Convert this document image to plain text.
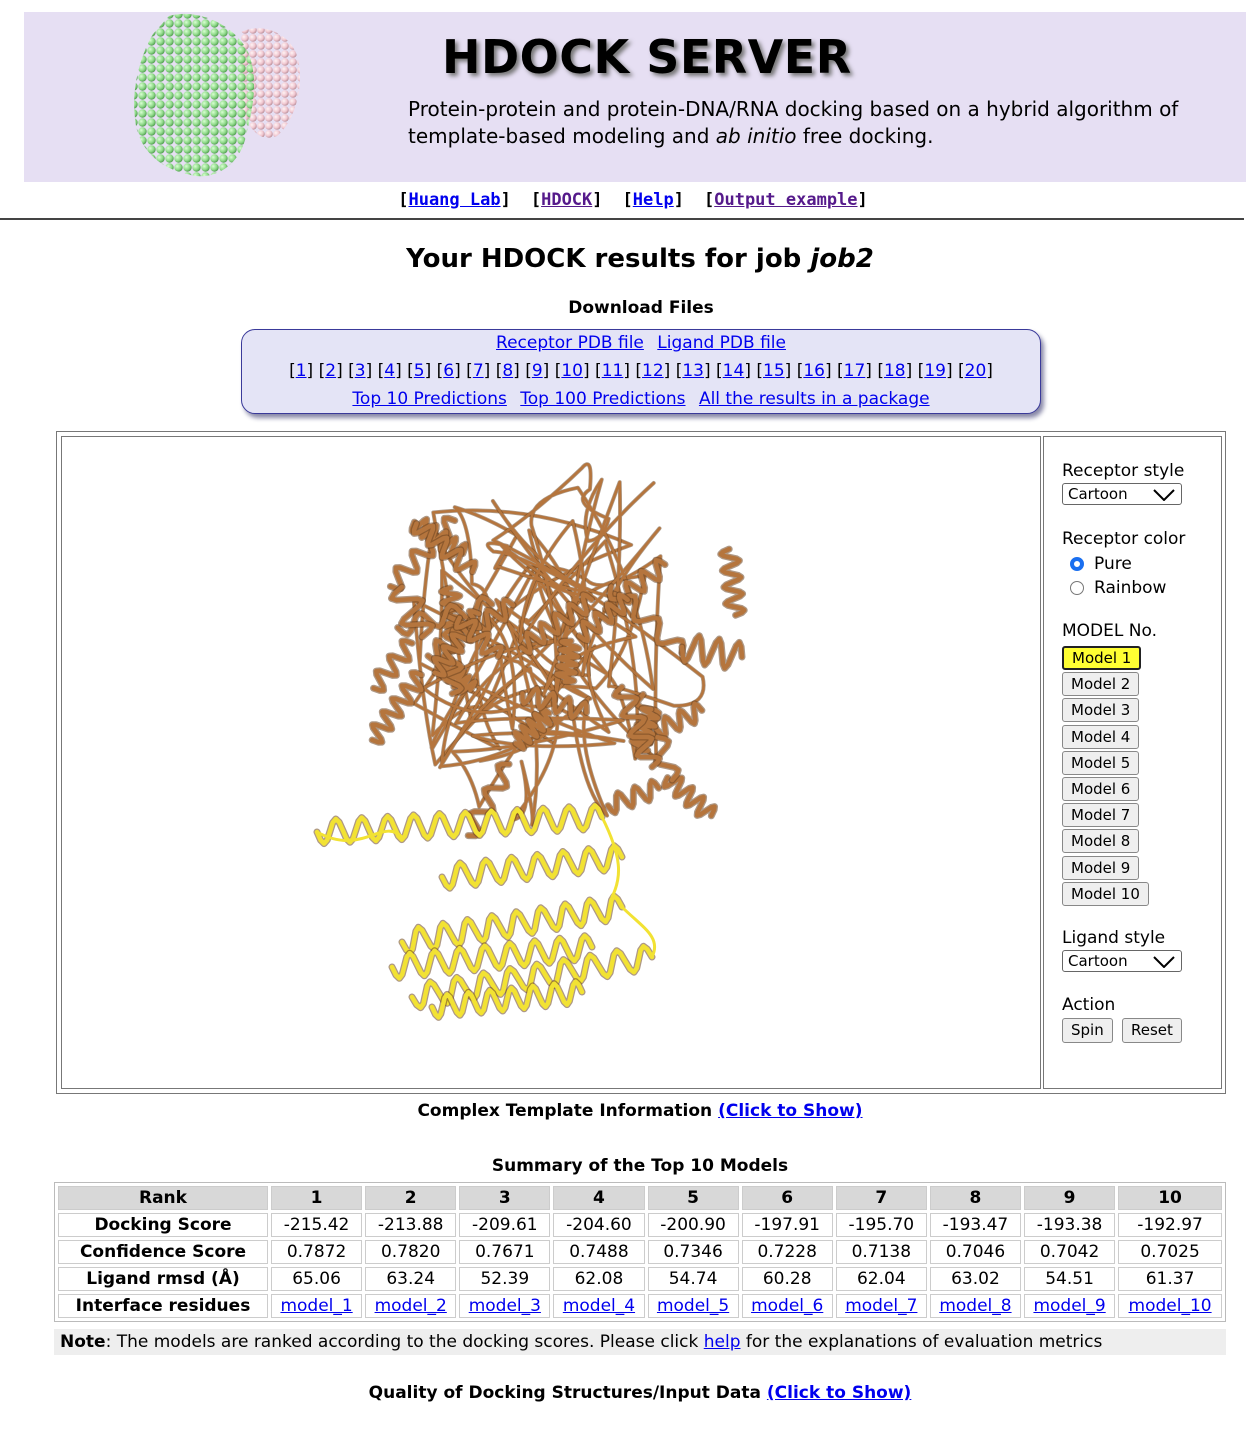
HDOCK SERVER
Protein-protein and protein-DNA/RNA docking based on a hybrid algorithm of
template-based modeling and ab initio free docking.
[Huang Lab] [HDOCK] [Help] [Output example]
Your HDOCK results for job job2
Download Files
Receptor PDB file Ligand PDB file
[1] [2] [3] [4] [5] [6] [7] [8] [9] [10] [11] [12] [13] [14] [15] [16] [17] [18] [19] [20]
Top 10 Predictions Top 100 Predictions All the results in a package
Receptor style
Cartoon
Receptor color
Pure
Rainbow
MODEL No.
Model 1
Model 2
Model 3
Model 4
Model 5
Model 6
Model 7
Model 8
Model 9
Model 10
Ligand style
Cartoon
Action
Spin	Reset
Complex Template Information (Click to Show)
Summary of the Top 10 Models
Rank	1	2	3	4	5	6	7	8	9	10
Docking Score	-215.42	-213.88	-209.61	-204.60	-200.90	-197.91	-195.70	-193.47	-193.38	-192.97
Confidence Score	0.7872	0.7820	0.7671	0.7488	0.7346	0.7228	0.7138	0.7046	0.7042	0.7025
Ligand rmsd (Å)	65.06	63.24	52.39	62.08	54.74	60.28	62.04	63.02	54.51	61.37
Interface residues	model_1	model_2	model_3	model_4	model_5	model_6	model_7	model_8	model_9	model_10
Note: The models are ranked according to the docking scores. Please click help for the explanations of evaluation metrics
Quality of Docking Structures/Input Data (Click to Show)
